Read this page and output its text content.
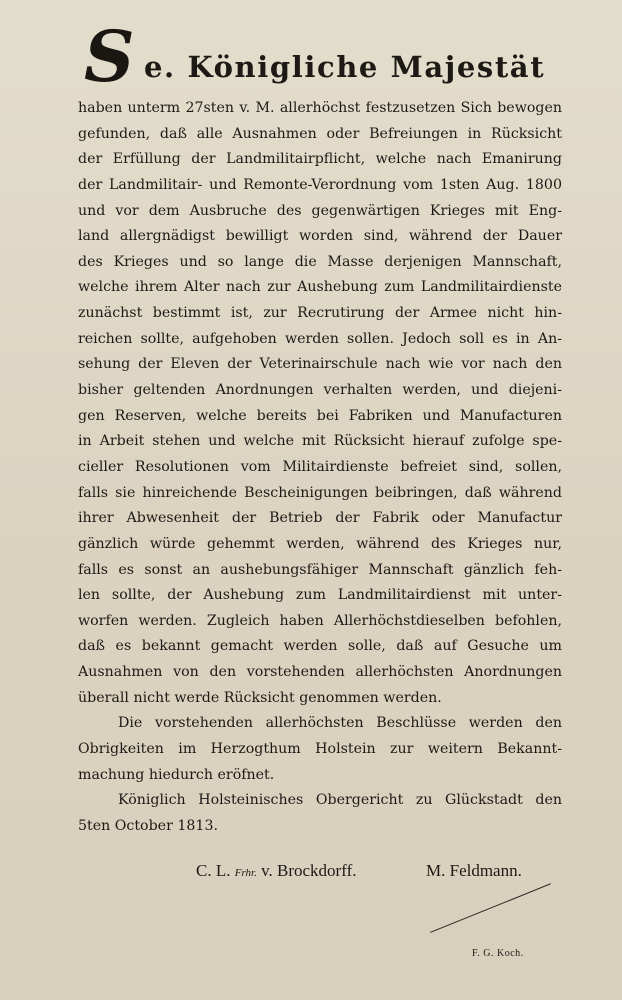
S e. Königliche Majestät
haben unterm 27sten v. M. allerhöchst festzusetzen Sich bewogen
gefunden, daß alle Ausnahmen oder Befreiungen in Rücksicht
der Erfüllung der Landmilitairpflicht, welche nach Emanirung
der Landmilitair- und Remonte-Verordnung vom 1sten Aug. 1800
und vor dem Ausbruche des gegenwärtigen Krieges mit Eng-
land allergnädigst bewilligt worden sind, während der Dauer
des Krieges und so lange die Masse derjenigen Mannschaft,
welche ihrem Alter nach zur Aushebung zum Landmilitairdienste
zunächst bestimmt ist, zur Recrutirung der Armee nicht hin-
reichen sollte, aufgehoben werden sollen. Jedoch soll es in An-
sehung der Eleven der Veterinairschule nach wie vor nach den
bisher geltenden Anordnungen verhalten werden, und diejeni-
gen Reserven, welche bereits bei Fabriken und Manufacturen
in Arbeit stehen und welche mit Rücksicht hierauf zufolge spe-
cieller Resolutionen vom Militairdienste befreiet sind, sollen,
falls sie hinreichende Bescheinigungen beibringen, daß während
ihrer Abwesenheit der Betrieb der Fabrik oder Manufactur
gänzlich würde gehemmt werden, während des Krieges nur,
falls es sonst an aushebungsfähiger Mannschaft gänzlich feh-
len sollte, der Aushebung zum Landmilitairdienst mit unter-
worfen werden. Zugleich haben Allerhöchstdieselben befohlen,
daß es bekannt gemacht werden solle, daß auf Gesuche um
Ausnahmen von den vorstehenden allerhöchsten Anordnungen
überall nicht werde Rücksicht genommen werden.
Die vorstehenden allerhöchsten Beschlüsse werden den
Obrigkeiten im Herzogthum Holstein zur weitern Bekannt-
machung hiedurch eröfnet.
Königlich Holsteinisches Obergericht zu Glückstadt den
5ten October 1813.
C. L. Frhr. v. Brockdorff.	M. Feldmann.
F. G. Koch.
